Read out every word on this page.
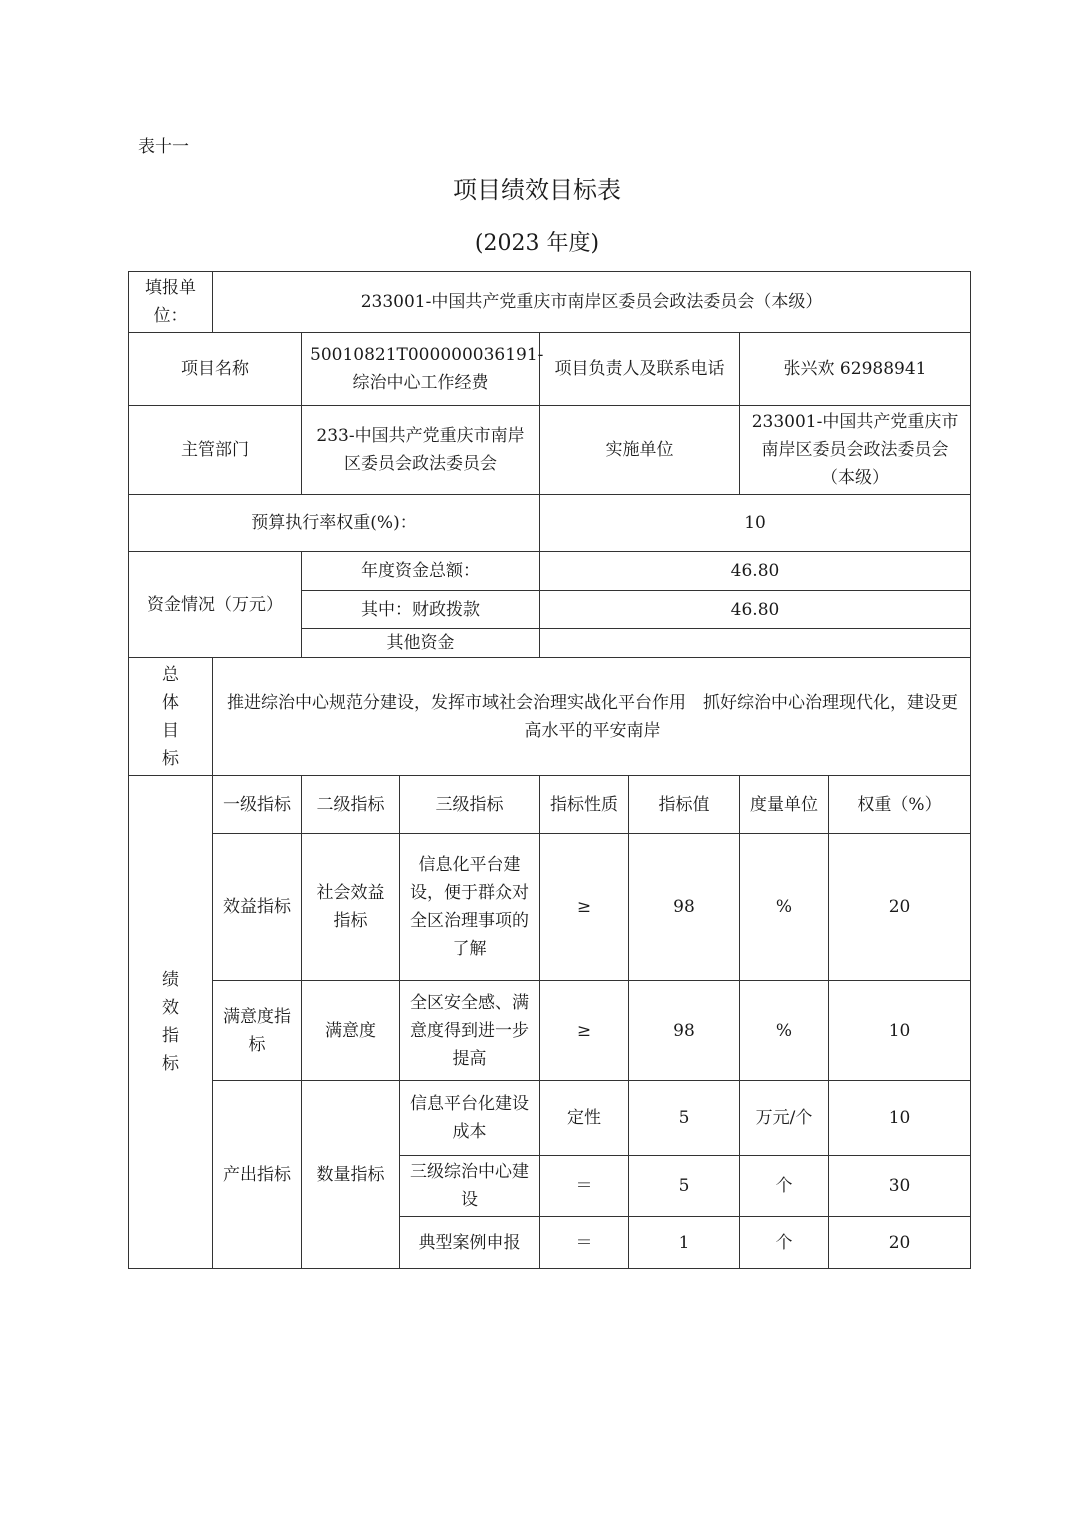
表十一
项目绩效目标表
(2023 年度)
填报单位：	233001-中国共产党重庆市南岸区委员会政法委员会（本级）						
项目名称		50010821T000000036191-综治中心工作经费		项目负责人及联系电话		张兴欢 62988941	
主管部门		233-中国共产党重庆市南岸区委员会政法委员会		实施单位		233001-中国共产党重庆市南岸区委员会政法委员会（本级）	
预算执行率权重(%)：				10			
资金情况（万元）		年度资金总额：		46.80			
		其中：财政拨款		46.80			
		其他资金					

总
体
目
标	推进综治中心规范分建设，发挥市域社会治理实战化平台作用　抓好综治中心治理现代化，建设更高水平的平安南岸						

绩
效
指
标	一级指标	二级指标	三级指标	指标性质	指标值	度量单位	权重（%）
	效益指标	社会效益指标	信息化平台建设，便于群众对全区治理事项的了解	≥	98	%	20
	满意度指标	满意度	全区安全感、满意度得到进一步提高	≥	98	%	10
	产出指标	数量指标	信息平台化建设成本	定性	5	万元/个	10
			三级综治中心建设	＝	5	个	30
			典型案例申报	＝	1	个	20
